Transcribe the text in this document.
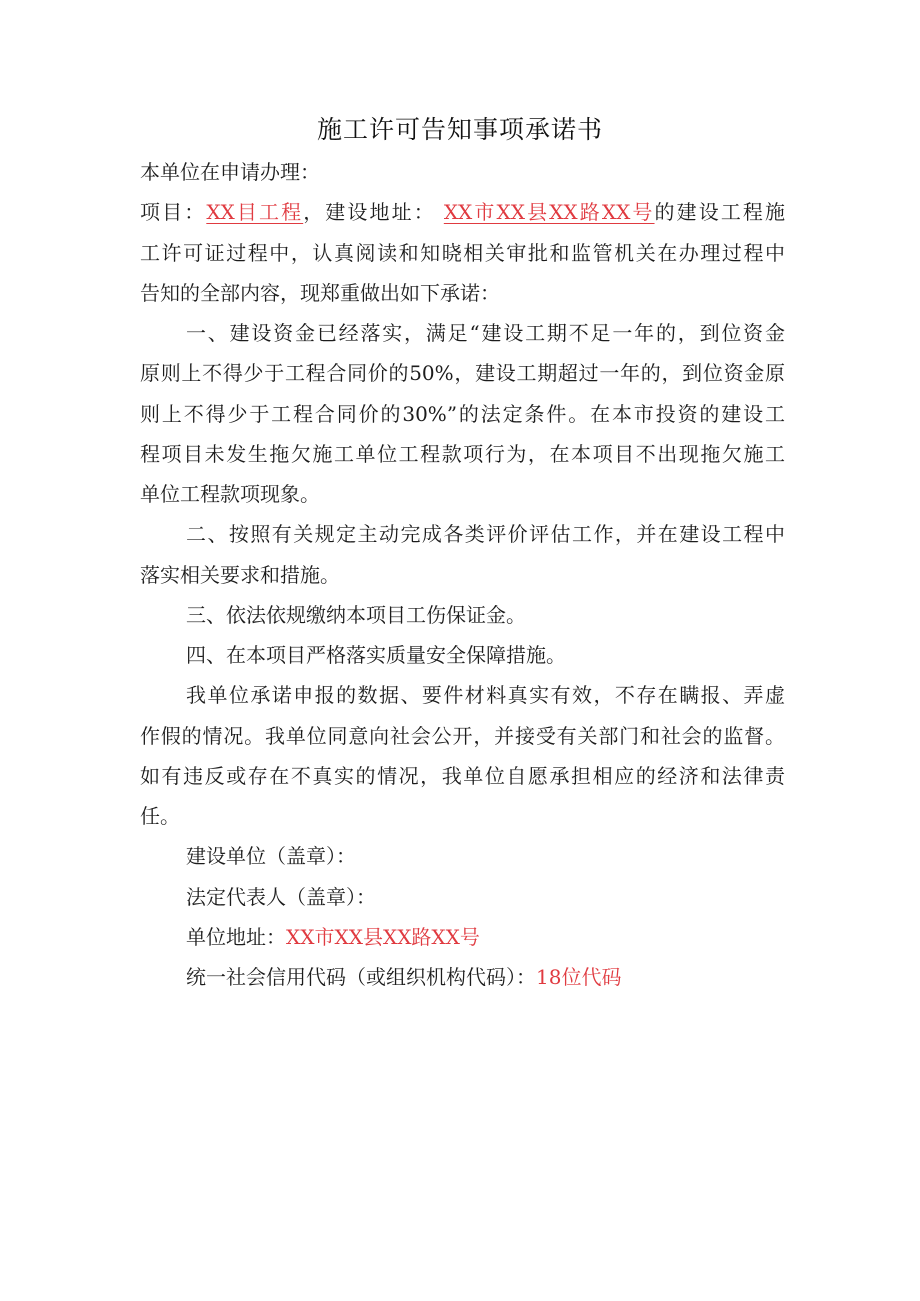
施工许可告知事项承诺书
本单位在申请办理：
项目：XX目工程，建设地址： XX市XX县XX路XX号的建设工程施
工许可证过程中，认真阅读和知晓相关审批和监管机关在办理过程中
告知的全部内容，现郑重做出如下承诺：
一、建设资金已经落实，满足“建设工期不足一年的，到位资金
原则上不得少于工程合同价的50%，建设工期超过一年的，到位资金原
则上不得少于工程合同价的30%”的法定条件。在本市投资的建设工
程项目未发生拖欠施工单位工程款项行为，在本项目不出现拖欠施工
单位工程款项现象。
二、按照有关规定主动完成各类评价评估工作，并在建设工程中
落实相关要求和措施。
三、依法依规缴纳本项目工伤保证金。
四、在本项目严格落实质量安全保障措施。
我单位承诺申报的数据、要件材料真实有效，不存在瞒报、弄虚
作假的情况。我单位同意向社会公开，并接受有关部门和社会的监督。
如有违反或存在不真实的情况，我单位自愿承担相应的经济和法律责
任。
建设单位（盖章）：
法定代表人（盖章）：
单位地址：XX市XX县XX路XX号
统一社会信用代码（或组织机构代码）：18位代码
